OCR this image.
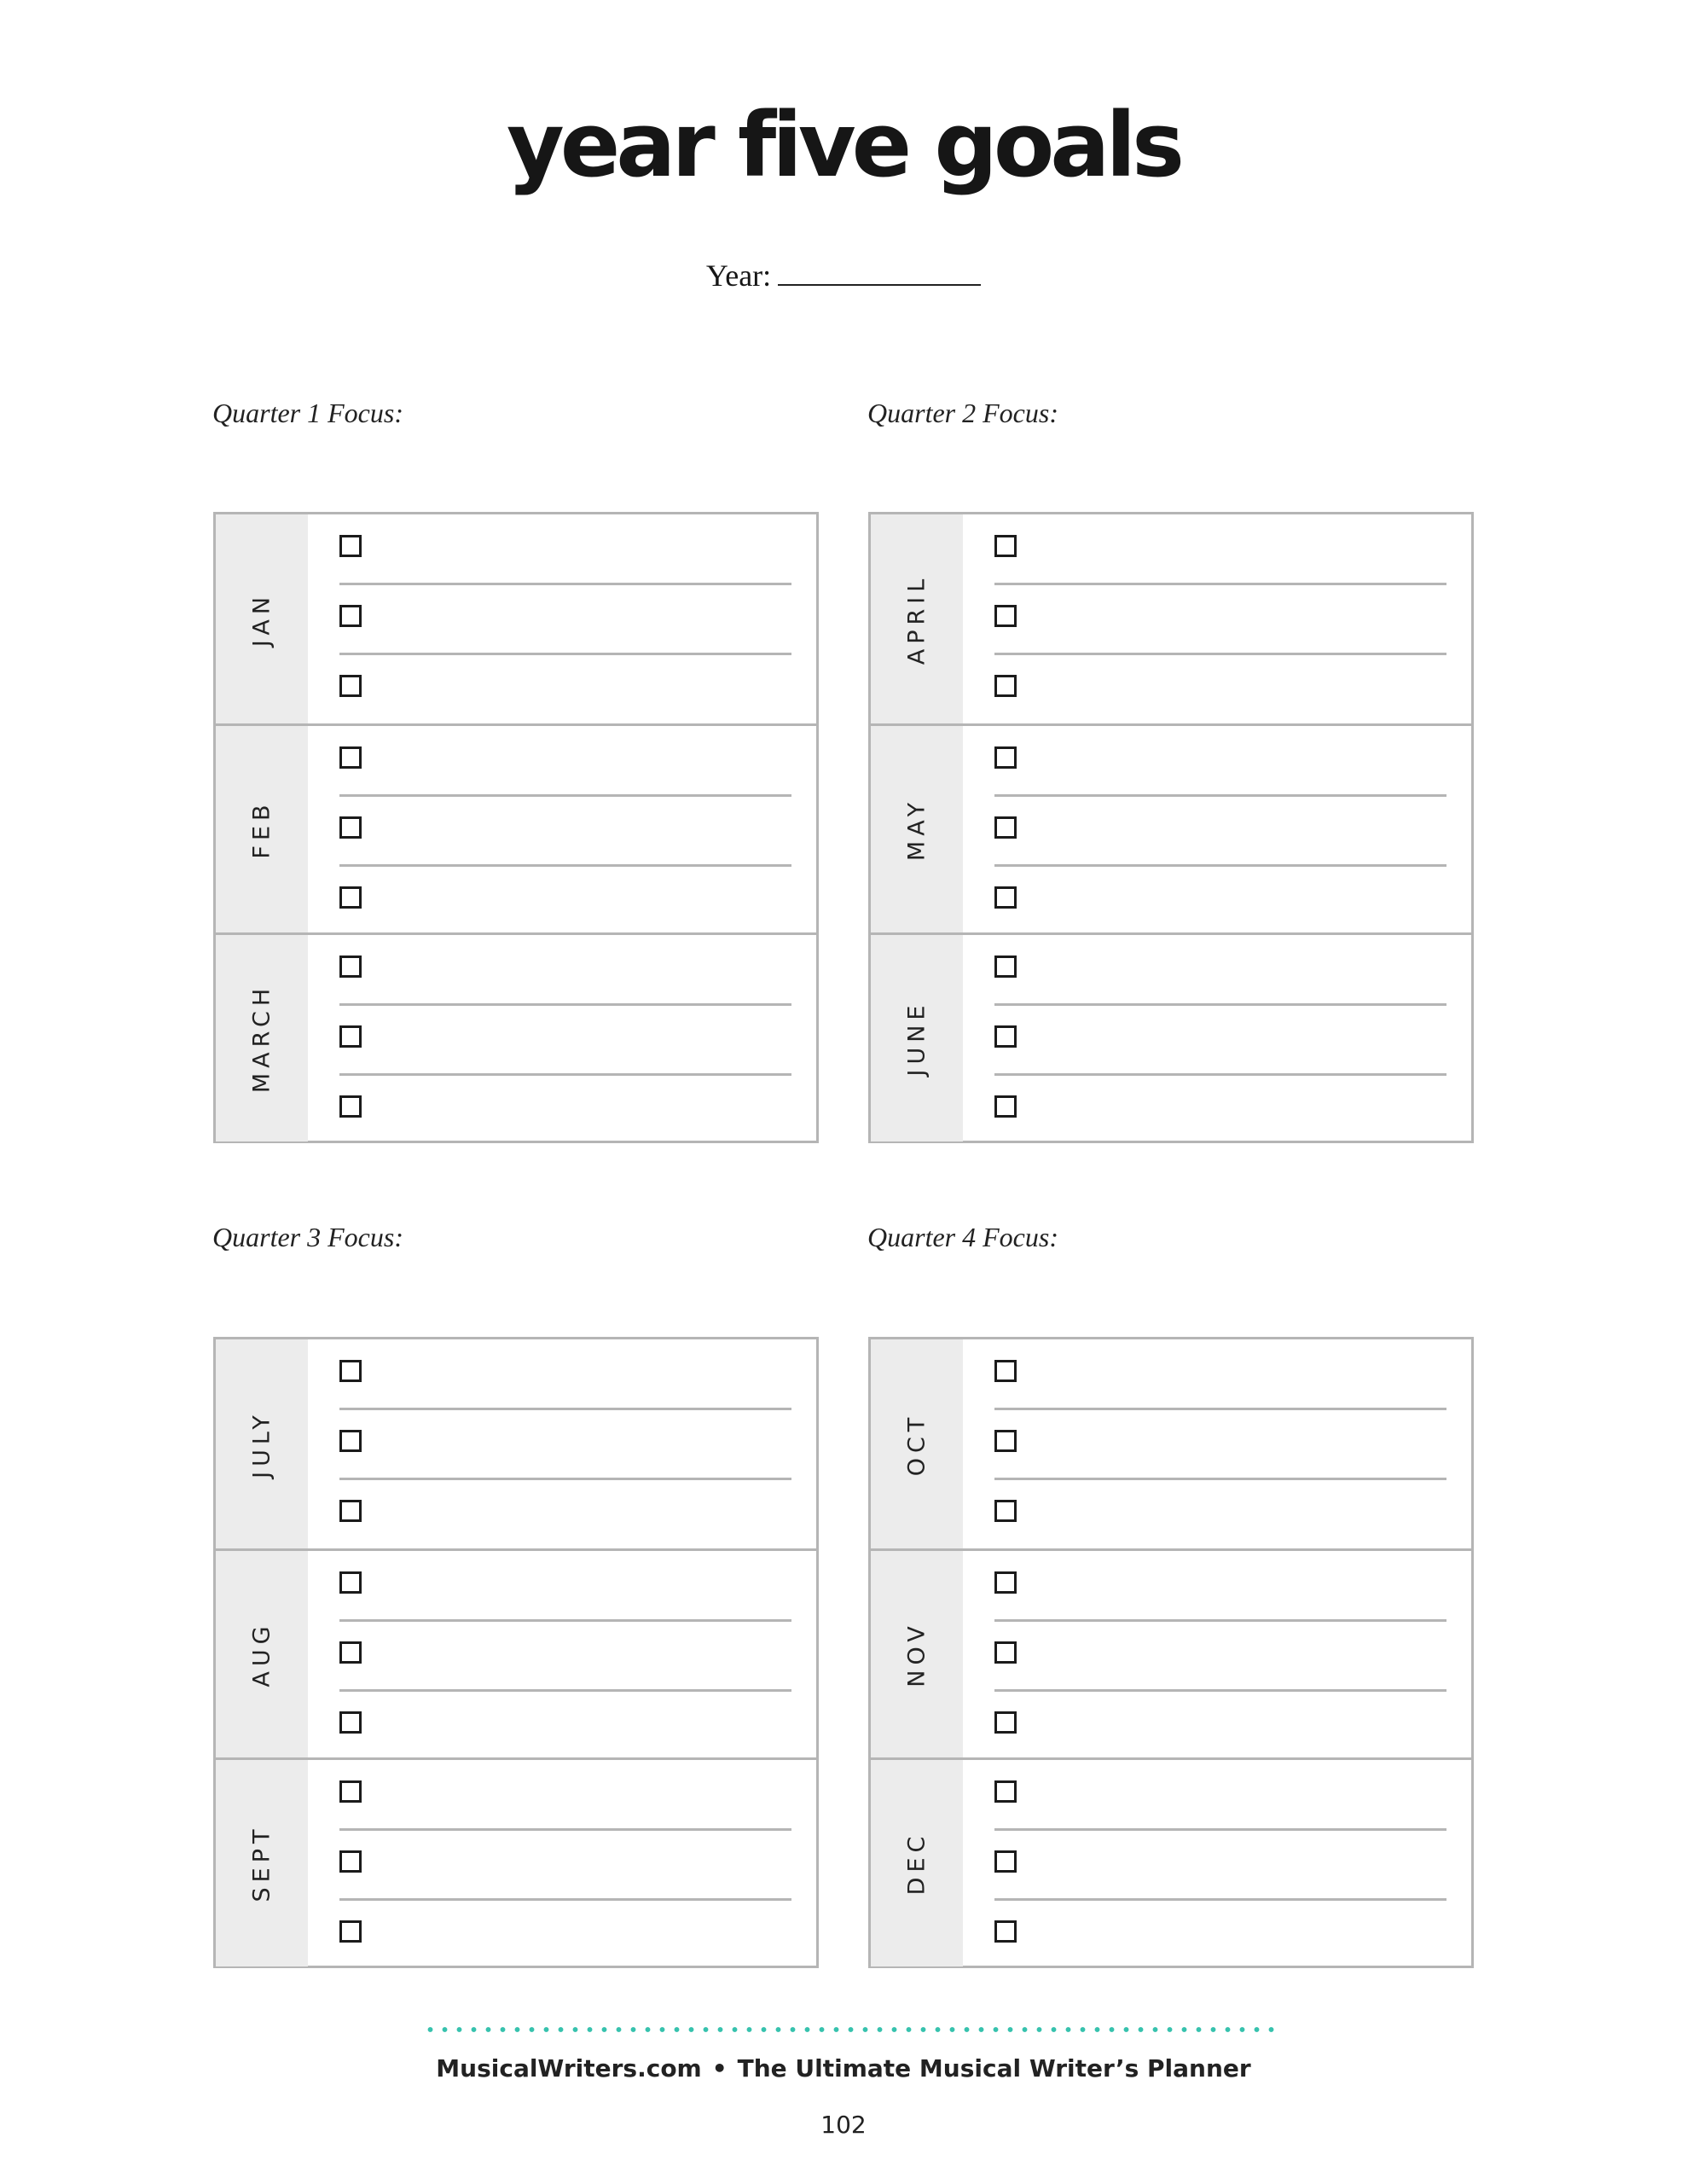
year five goals
Year:
Quarter 1 Focus:	Quarter 2 Focus:
Quarter 3 Focus:	Quarter 4 Focus:
JAN
FEB
MARCH
APRIL
MAY
JUNE
JULY
AUG
SEPT
OCT
NOV
DEC
MusicalWriters.com • The Ultimate Musical Writer’s Planner
102
